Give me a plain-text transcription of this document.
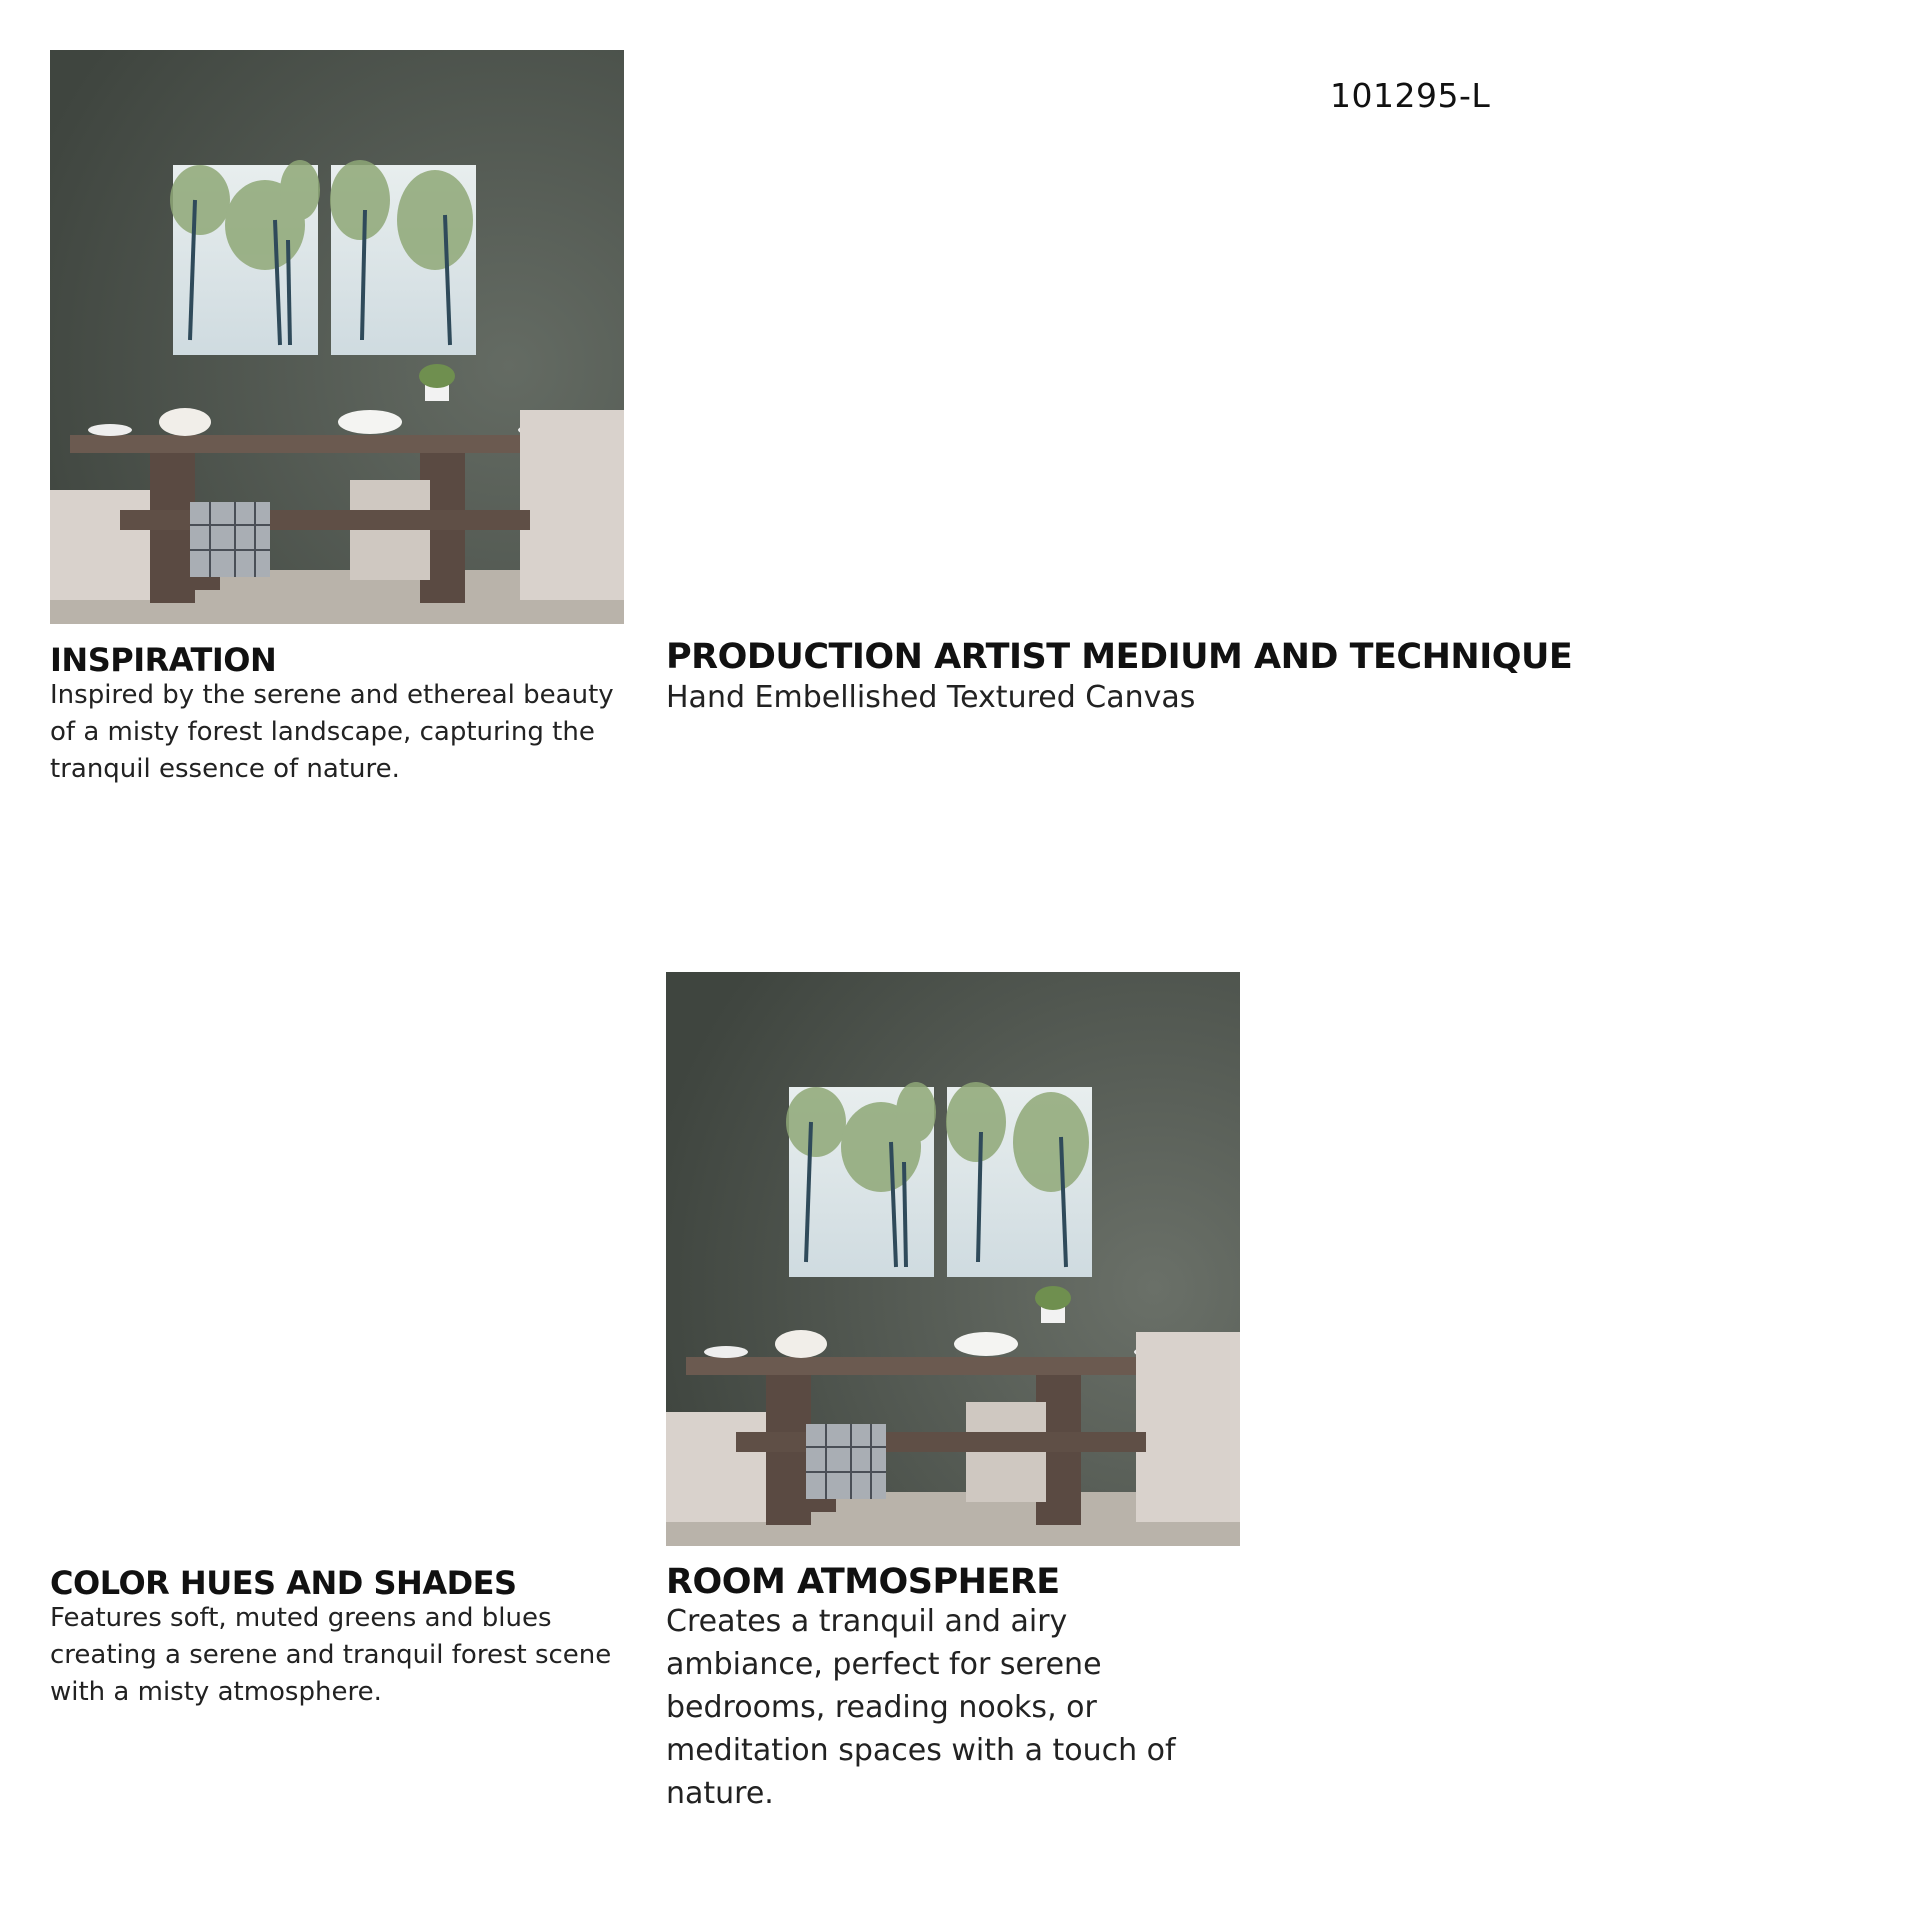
101295-L
INSPIRATION
Inspired by the serene and ethereal beauty of a misty forest landscape, capturing the tranquil essence of nature.
PRODUCTION ARTIST MEDIUM AND TECHNIQUE
Hand Embellished Textured Canvas
COLOR HUES AND SHADES
Features soft, muted greens and blues creating a serene and tranquil forest scene with a misty atmosphere.
ROOM ATMOSPHERE
Creates a tranquil and airy ambiance, perfect for serene bedrooms, reading nooks, or meditation spaces with a touch of nature.
